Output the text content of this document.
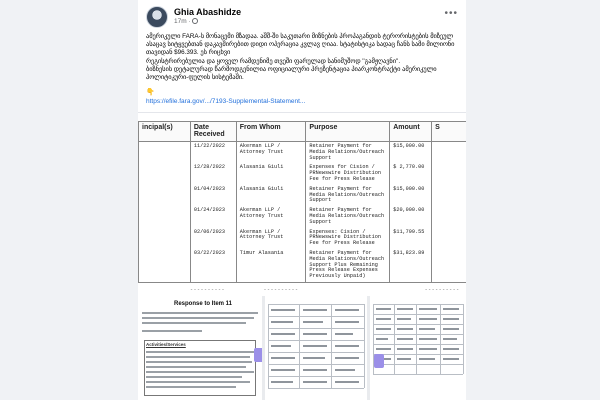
Ghia Abashidze
17m ·
•••

ამერიკული FARA-ს მონაცემი მზადაა. აშშ-ში საკუთარი მიზნების პროპაგანდის ტერორისტების მიზეულ ასაცავ სიტყვებთან დაკავშირებით დიდი ოპერაცია კვლავ ღიაა. სტატისტიკა სადაც ჩანს სამი მილიონი თავიდან $96.393. ეს რიცხვი

რეგისტრირებულია და ყოველ რამდენიმე თვეში ფარულად სანიმუშოდ ''გამჟღავნი''.

ბიზნესის დეტალურად წარმოდგენილია ოფიციალური პრეზენტაცია პიარკონტრაქტი ამერიკული პოლიტიკური-ფულის სისტემაში.

👇
https://efile.fara.gov/.../7193-Supplemental-Statement...
incipal(s)	Date Received	From Whom	Purpose	Amount	S
	11/22/2022	Akerman LLP / Attorney Trust	Retainer Payment for Media Relations/Outreach Support	$15,000.00	
	12/28/2022	Alasania Giuli	Expenses for Cision / PRNewswire Distribution Fee for Press Release	$ 2,770.00	
	01/04/2023	Alasania Giuli	Retainer Payment for Media Relations/Outreach Support	$15,000.00	
	01/24/2023	Akerman LLP / Attorney Trust	Retainer Payment for Media Relations/Outreach Support	$20,000.00	
	02/06/2023	Akerman LLP / Attorney Trust	Expenses: Cision / PRNewswire Distribution Fee for Press Release	$11,799.55	
	03/22/2023	Timur Alasania	Retainer Payment for Media Relations/Outreach Support Plus Remaining Press Release Expenses Previously Unpaid)	$31,823.89	
----------	----------	----------
Response to Item 11
Activities/Services
